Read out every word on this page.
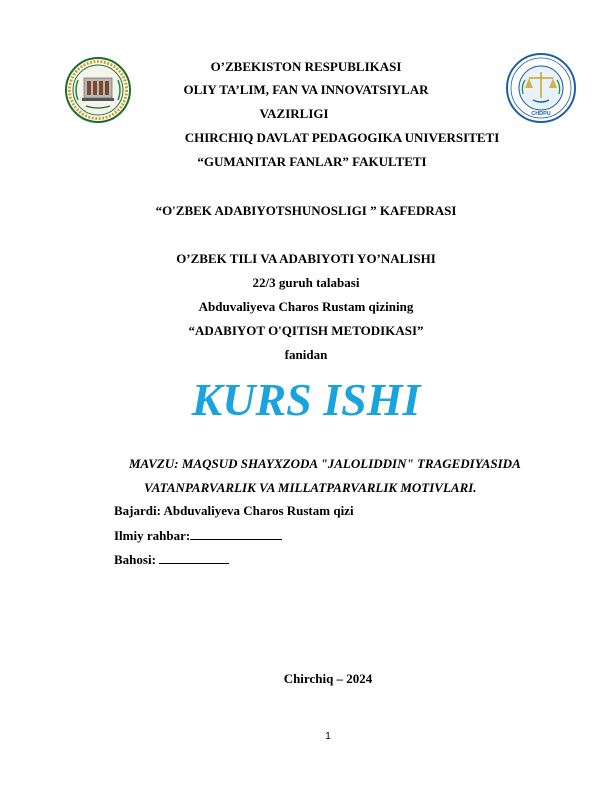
CHDPU
O’ZBEKISTON RESPUBLIKASI
OLIY TA’LIM, FAN VA INNOVATSIYLAR
VAZIRLIGI
CHIRCHIQ DAVLAT PEDAGOGIKA UNIVERSITETI
“GUMANITAR FANLAR” FAKULTETI
“O'ZBEK ADABIYOTSHUNOSLIGI ” KAFEDRASI
O’ZBEK TILI VA ADABIYOTI YO’NALISHI
22/3 guruh talabasi
Abduvaliyeva Charos Rustam qizining
“ADABIYOT O'QITISH METODIKASI”
fanidan
KURS ISHI
MAVZU: MAQSUD SHAYXZODA "JALOLIDDIN" TRAGEDIYASIDA
VATANPARVARLIK VA MILLATPARVARLIK MOTIVLARI.
Bajardi: Abduvaliyeva Charos Rustam qizi
Ilmiy rahbar:
Bahosi:
Chirchiq – 2024
1
